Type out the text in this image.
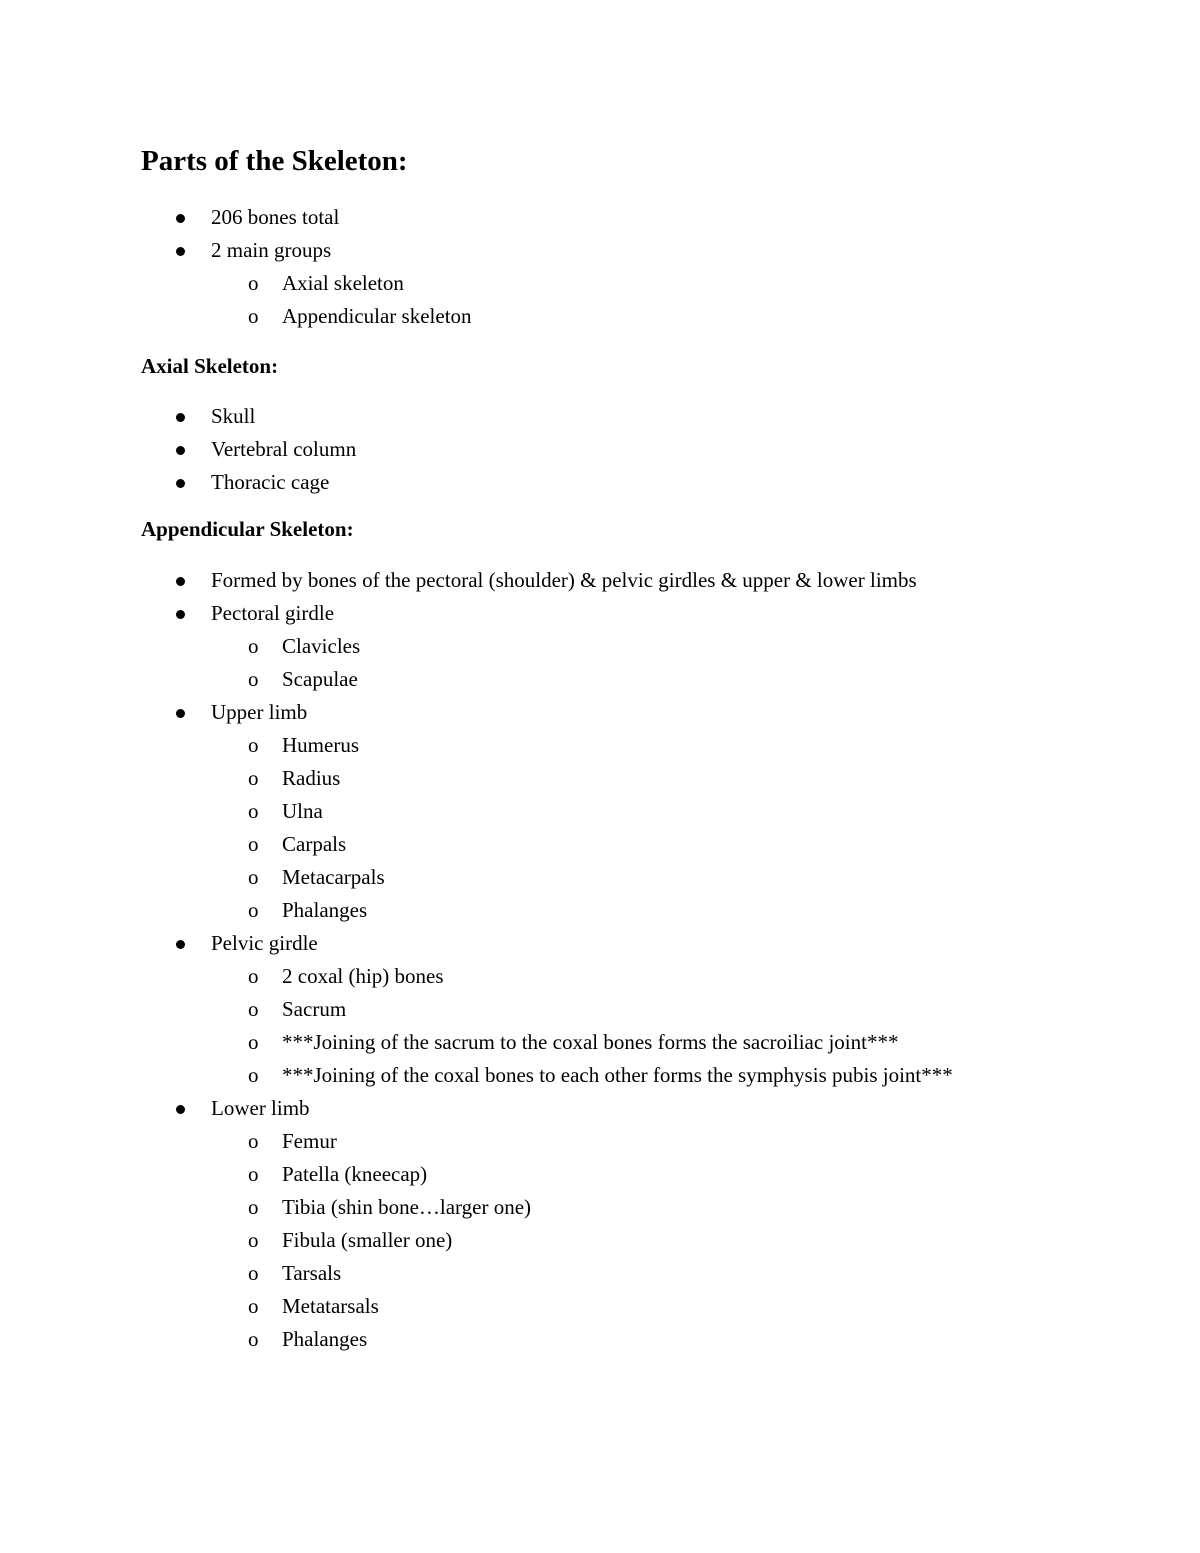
Parts of the Skeleton:
206 bones total
2 main groups
o Axial skeleton
o Appendicular skeleton
Axial Skeleton:
Skull
Vertebral column
Thoracic cage
Appendicular Skeleton:
Formed by bones of the pectoral (shoulder) & pelvic girdles & upper & lower limbs
Pectoral girdle
o Clavicles
o Scapulae
Upper limb
o Humerus
o Radius
o Ulna
o Carpals
o Metacarpals
o Phalanges
Pelvic girdle
o 2 coxal (hip) bones
o Sacrum
o ***Joining of the sacrum to the coxal bones forms the sacroiliac joint***
o ***Joining of the coxal bones to each other forms the symphysis pubis joint***
Lower limb
o Femur
o Patella (kneecap)
o Tibia (shin bone…larger one)
o Fibula (smaller one)
o Tarsals
o Metatarsals
o Phalanges
